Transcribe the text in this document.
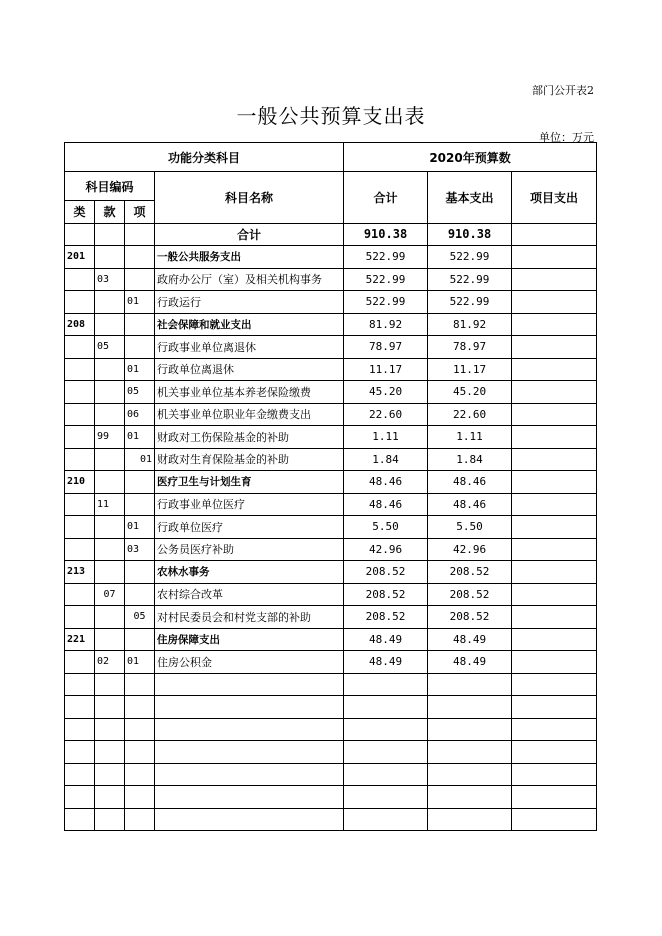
部门公开表2
一般公共预算支出表
单位：万元
功能分类科目				2020年预算数		
科目编码			科目名称	合计	基本支出	项目支出
类	款	项				
			合计	910.38	910.38	
201			一般公共服务支出	522.99	522.99	
	03		政府办公厅（室）及相关机构事务	522.99	522.99	
		01	行政运行	522.99	522.99	
208			社会保障和就业支出	81.92	81.92	
	05		行政事业单位离退休	78.97	78.97	
		01	行政单位离退休	11.17	11.17	
		05	机关事业单位基本养老保险缴费	45.20	45.20	
		06	机关事业单位职业年金缴费支出	22.60	22.60	
	99	01	财政对工伤保险基金的补助	1.11	1.11	
		01	财政对生育保险基金的补助	1.84	1.84	
210			医疗卫生与计划生育	48.46	48.46	
	11		行政事业单位医疗	48.46	48.46	
		01	行政单位医疗	5.50	5.50	
		03	公务员医疗补助	42.96	42.96	
213			农林水事务	208.52	208.52	
	07		农村综合改革	208.52	208.52	
		05	对村民委员会和村党支部的补助	208.52	208.52	
221			住房保障支出	48.49	48.49	
	02	01	住房公积金	48.49	48.49	
